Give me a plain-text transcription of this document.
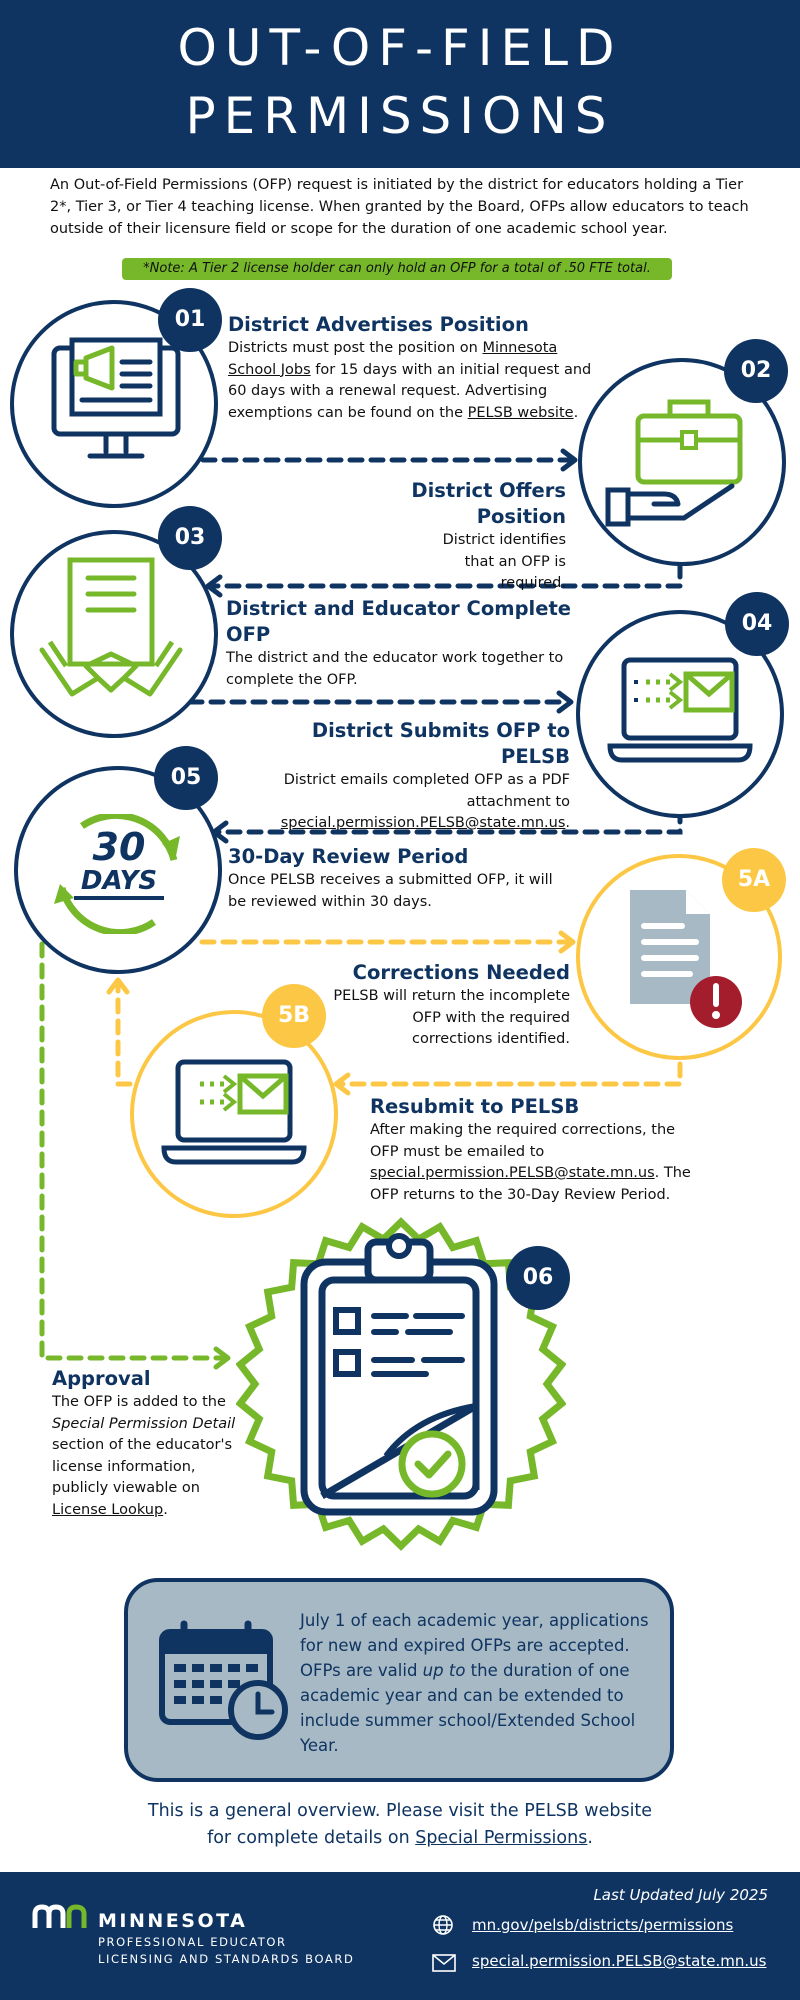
OUT-OF-FIELD
PERMISSIONS

An Out-of-Field Permissions (OFP) request is initiated by the district for educators holding a Tier 2*, Tier 3, or Tier 4 teaching license. When granted by the Board, OFPs allow educators to teach outside of their licensure field or scope for the duration of one academic school year.

*Note: A Tier 2 license holder can only hold an OFP for a total of .50 FTE total.
01	District Advertises Position

Districts must post the position on Minnesota School Jobs for 15 days with an initial request and 60 days with a renewal request. Advertising exemptions can be found on the PELSB website.

02
District Offers Position

District identifies that an OFP is required.

03
District and Educator Complete OFP

The district and the educator work together to complete the OFP.

04
District Submits OFP to PELSB

District emails completed OFP as a PDF attachment to special.permission.PELSB@state.mn.us.

30
DAYS
05
30-Day Review Period

Once PELSB receives a submitted OFP, it will be reviewed within 30 days.

5A
Corrections Needed

PELSB will return the incomplete OFP with the required corrections identified.

5B
Resubmit to PELSB

After making the required corrections, the OFP must be emailed to special.permission.PELSB@state.mn.us. The OFP returns to the 30-Day Review Period.

06
Approval

The OFP is added to the Special Permission Detail section of the educator's license information, publicly viewable on License Lookup.

July 1 of each academic year, applications for new and expired OFPs are accepted. OFPs are valid up to the duration of one academic year and can be extended to include summer school/Extended School Year.

This is a general overview. Please visit the PELSB website
for complete details on Special Permissions.
Last Updated July 2025
MINNESOTA
PROFESSIONAL EDUCATOR
LICENSING AND STANDARDS BOARD
mn.gov/pelsb/districts/permissions
special.permission.PELSB@state.mn.us
